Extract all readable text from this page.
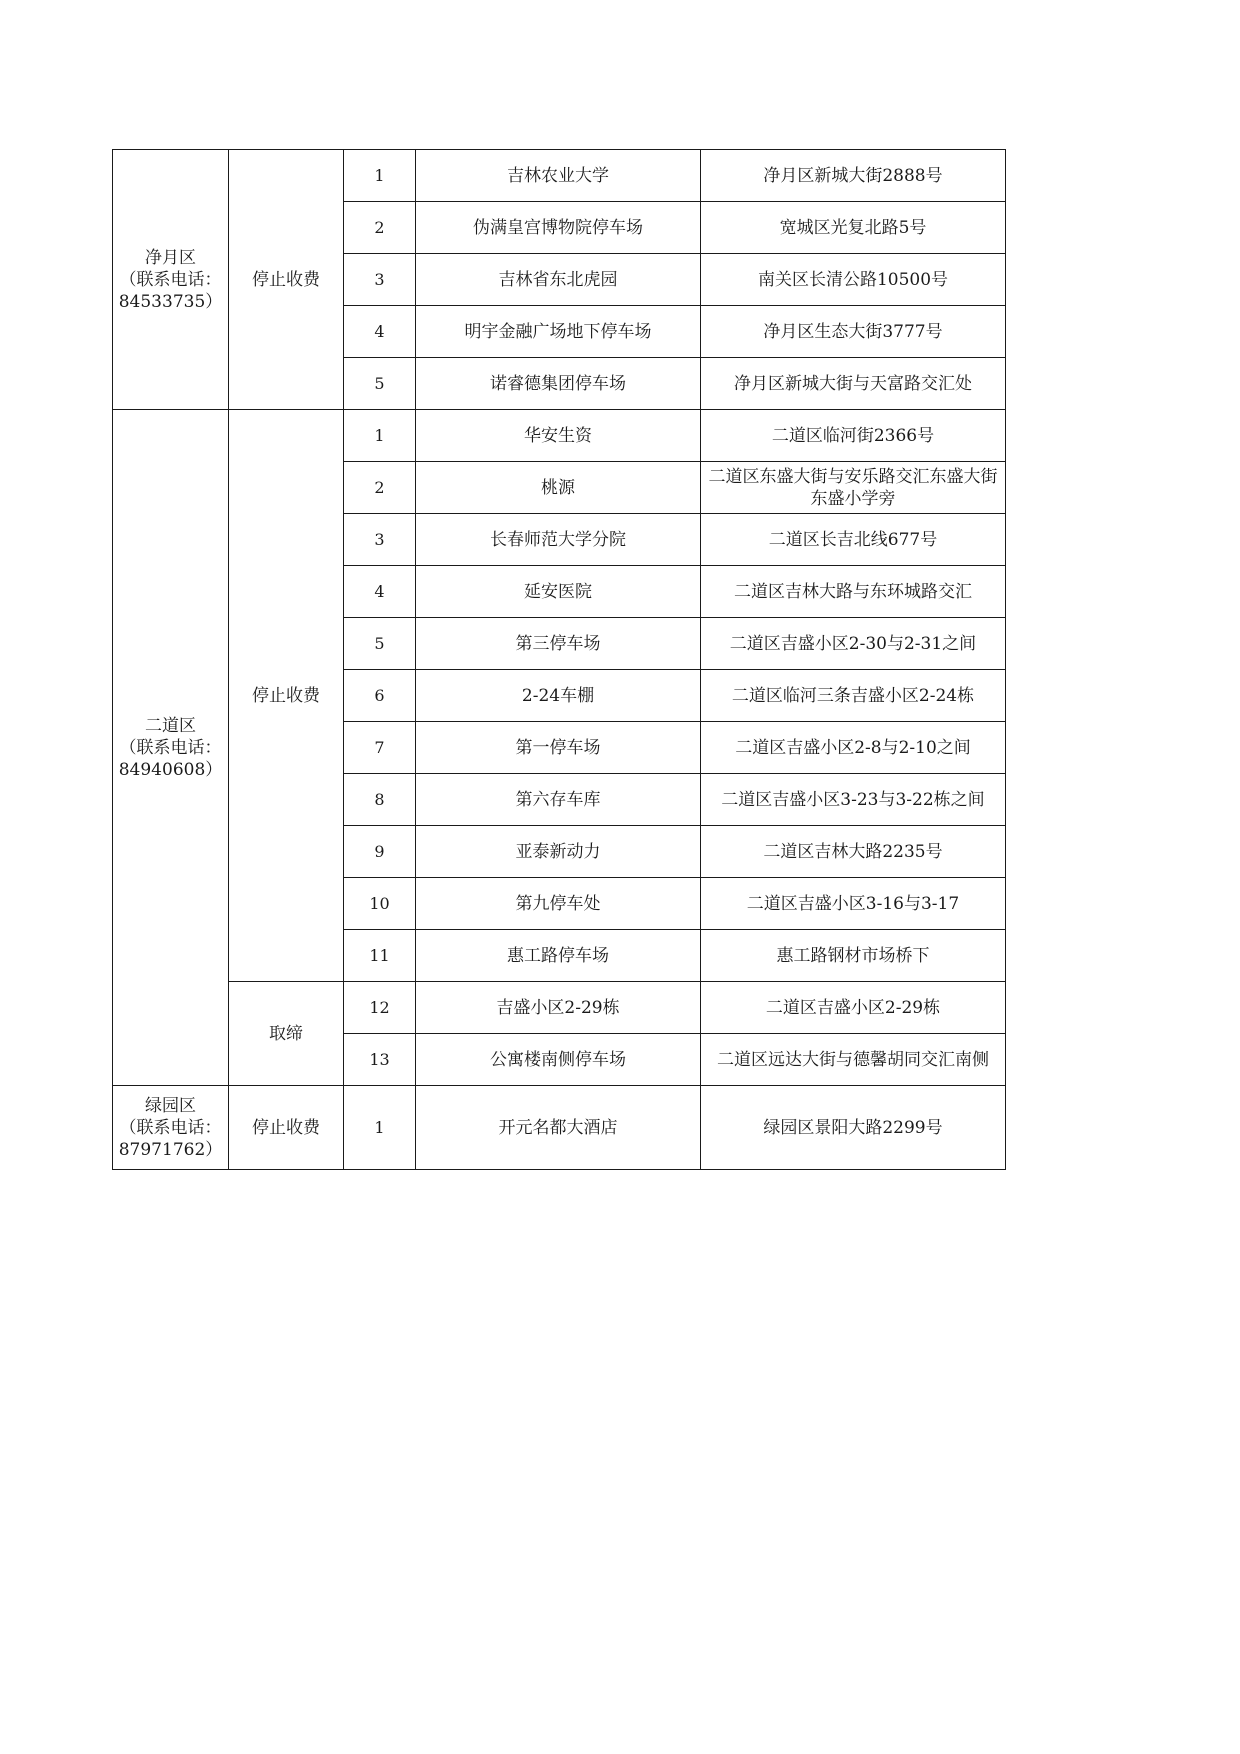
净月区
（联系电话：
84533735）	停止收费	1	吉林农业大学	净月区新城大街2888号
		2	伪满皇宫博物院停车场	宽城区光复北路5号
		3	吉林省东北虎园	南关区长清公路10500号
		4	明宇金融广场地下停车场	净月区生态大街3777号
		5	诺睿德集团停车场	净月区新城大街与天富路交汇处

二道区
（联系电话：
84940608）	停止收费	1	华安生资	二道区临河街2366号
		2	桃源	二道区东盛大街与安乐路交汇东盛大街东盛小学旁
		3	长春师范大学分院	二道区长吉北线677号
		4	延安医院	二道区吉林大路与东环城路交汇
		5	第三停车场	二道区吉盛小区2-30与2-31之间
		6	2-24车棚	二道区临河三条吉盛小区2-24栋
		7	第一停车场	二道区吉盛小区2-8与2-10之间
		8	第六存车库	二道区吉盛小区3-23与3-22栋之间
		9	亚泰新动力	二道区吉林大路2235号
		10	第九停车处	二道区吉盛小区3-16与3-17
		11	惠工路停车场	惠工路钢材市场桥下
	取缔	12	吉盛小区2-29栋	二道区吉盛小区2-29栋
		13	公寓楼南侧停车场	二道区远达大街与德馨胡同交汇南侧

绿园区
（联系电话：
87971762）	停止收费	1	开元名都大酒店	绿园区景阳大路2299号
